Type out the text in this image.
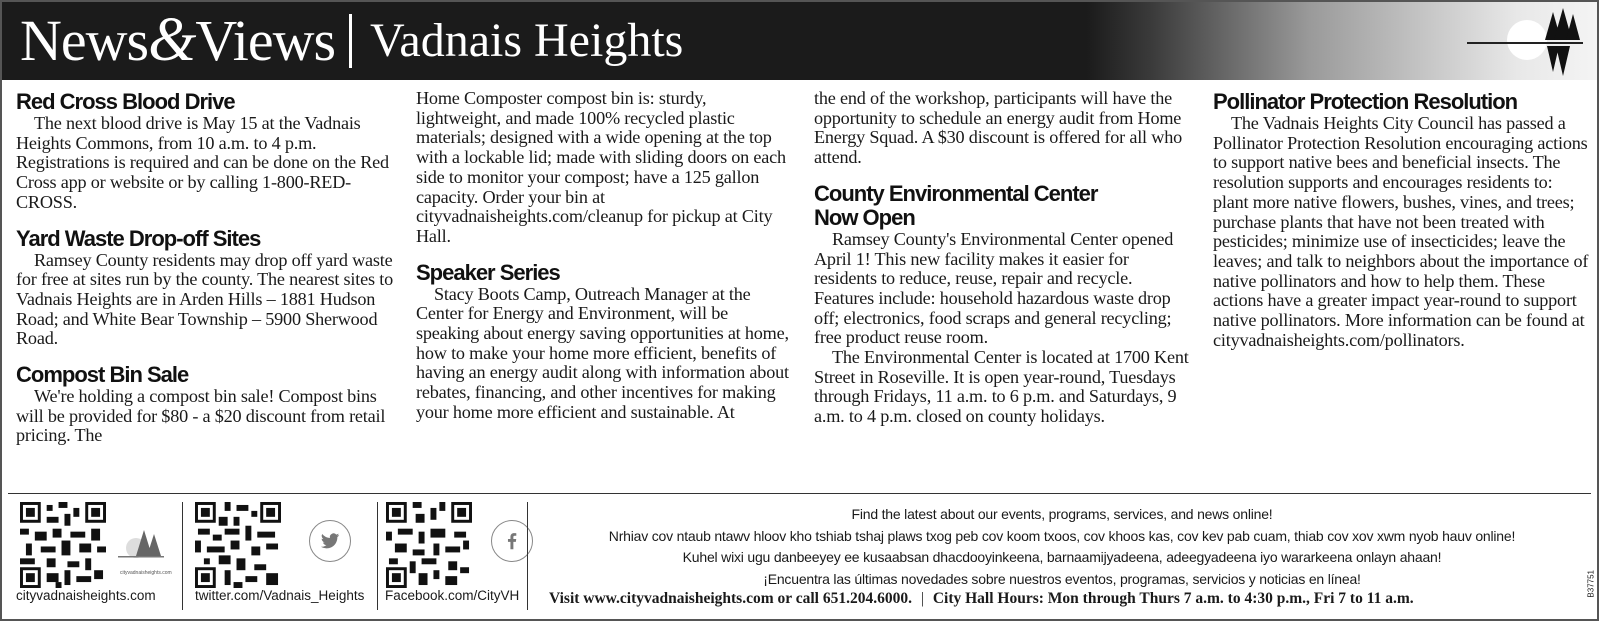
News&Views Vadnais Heights
Red Cross Blood Drive

The next blood drive is May 15 at the Vadnais Heights Commons, from 10 a.m. to 4 p.m. Registrations is required and can be done on the Red Cross app or website or by calling 1-800-RED-CROSS.

Yard Waste Drop-off Sites

Ramsey County residents may drop off yard waste for free at sites run by the county. The nearest sites to Vadnais Heights are in Arden Hills – 1881 Hudson Road; and White Bear Township – 5900 Sherwood Road.

Compost Bin Sale

We're holding a compost bin sale! Compost bins will be provided for $80 - a $20 discount from retail pricing. The

Home Composter compost bin is: sturdy, lightweight, and made 100% recycled plastic materials; designed with a wide opening at the top with a lockable lid; made with sliding doors on each side to monitor your compost; have a 125 gallon capacity. Order your bin at cityvadnaisheights.com/cleanup for pickup at City Hall.

Speaker Series

Stacy Boots Camp, Outreach Manager at the Center for Energy and Environment, will be speaking about energy saving opportunities at home, how to make your home more efficient, benefits of having an energy audit along with information about rebates, financing, and other incentives for making your home more efficient and sustainable. At

the end of the workshop, participants will have the opportunity to schedule an energy audit from Home Energy Squad. A $30 discount is offered for all who attend.

County Environmental Center Now Open

Ramsey County's Environmental Center opened April 1! This new facility makes it easier for residents to reduce, reuse, repair and recycle. Features include: household hazardous waste drop off; electronics, food scraps and general recycling; free product reuse room.

The Environmental Center is located at 1700 Kent Street in Roseville. It is open year-round, Tuesdays through Fridays, 11 a.m. to 6 p.m. and Saturdays, 9 a.m. to 4 p.m. closed on county holidays.

Pollinator Protection Resolution

The Vadnais Heights City Council has passed a Pollinator Protection Resolution encouraging actions to support native bees and beneficial insects. The resolution supports and encourages residents to: plant more native flowers, bushes, vines, and trees; purchase plants that have not been treated with pesticides; minimize use of insecticides; leave the leaves; and talk to neighbors about the importance of native pollinators and how to help them. These actions have a greater impact year-round to support native pollinators. More information can be found at cityvadnaisheights.com/pollinators.

cityvadnaisheights.com
cityvadnaisheights.com	twitter.com/Vadnais_Heights Facebook.com/CityVH
Find the latest about our events, programs, services, and news online!
Nrhiav cov ntaub ntawv hloov kho tshiab tshaj plaws txog peb cov koom txoos, cov khoos kas, cov kev pab cuam, thiab cov xov xwm nyob hauv online!
Kuhel wixi ugu danbeeyey ee kusaabsan dhacdooyinkeena, barnaamijyadeena, adeegyadeena iyo wararkeena onlayn ahaan!
¡Encuentra las últimas novedades sobre nuestros eventos, programas, servicios y noticias en línea!
Visit www.cityvadnaisheights.com or call 651.204.6000. | City Hall Hours: Mon through Thurs 7 a.m. to 4:30 p.m., Fri 7 to 11 a.m.
B37751
